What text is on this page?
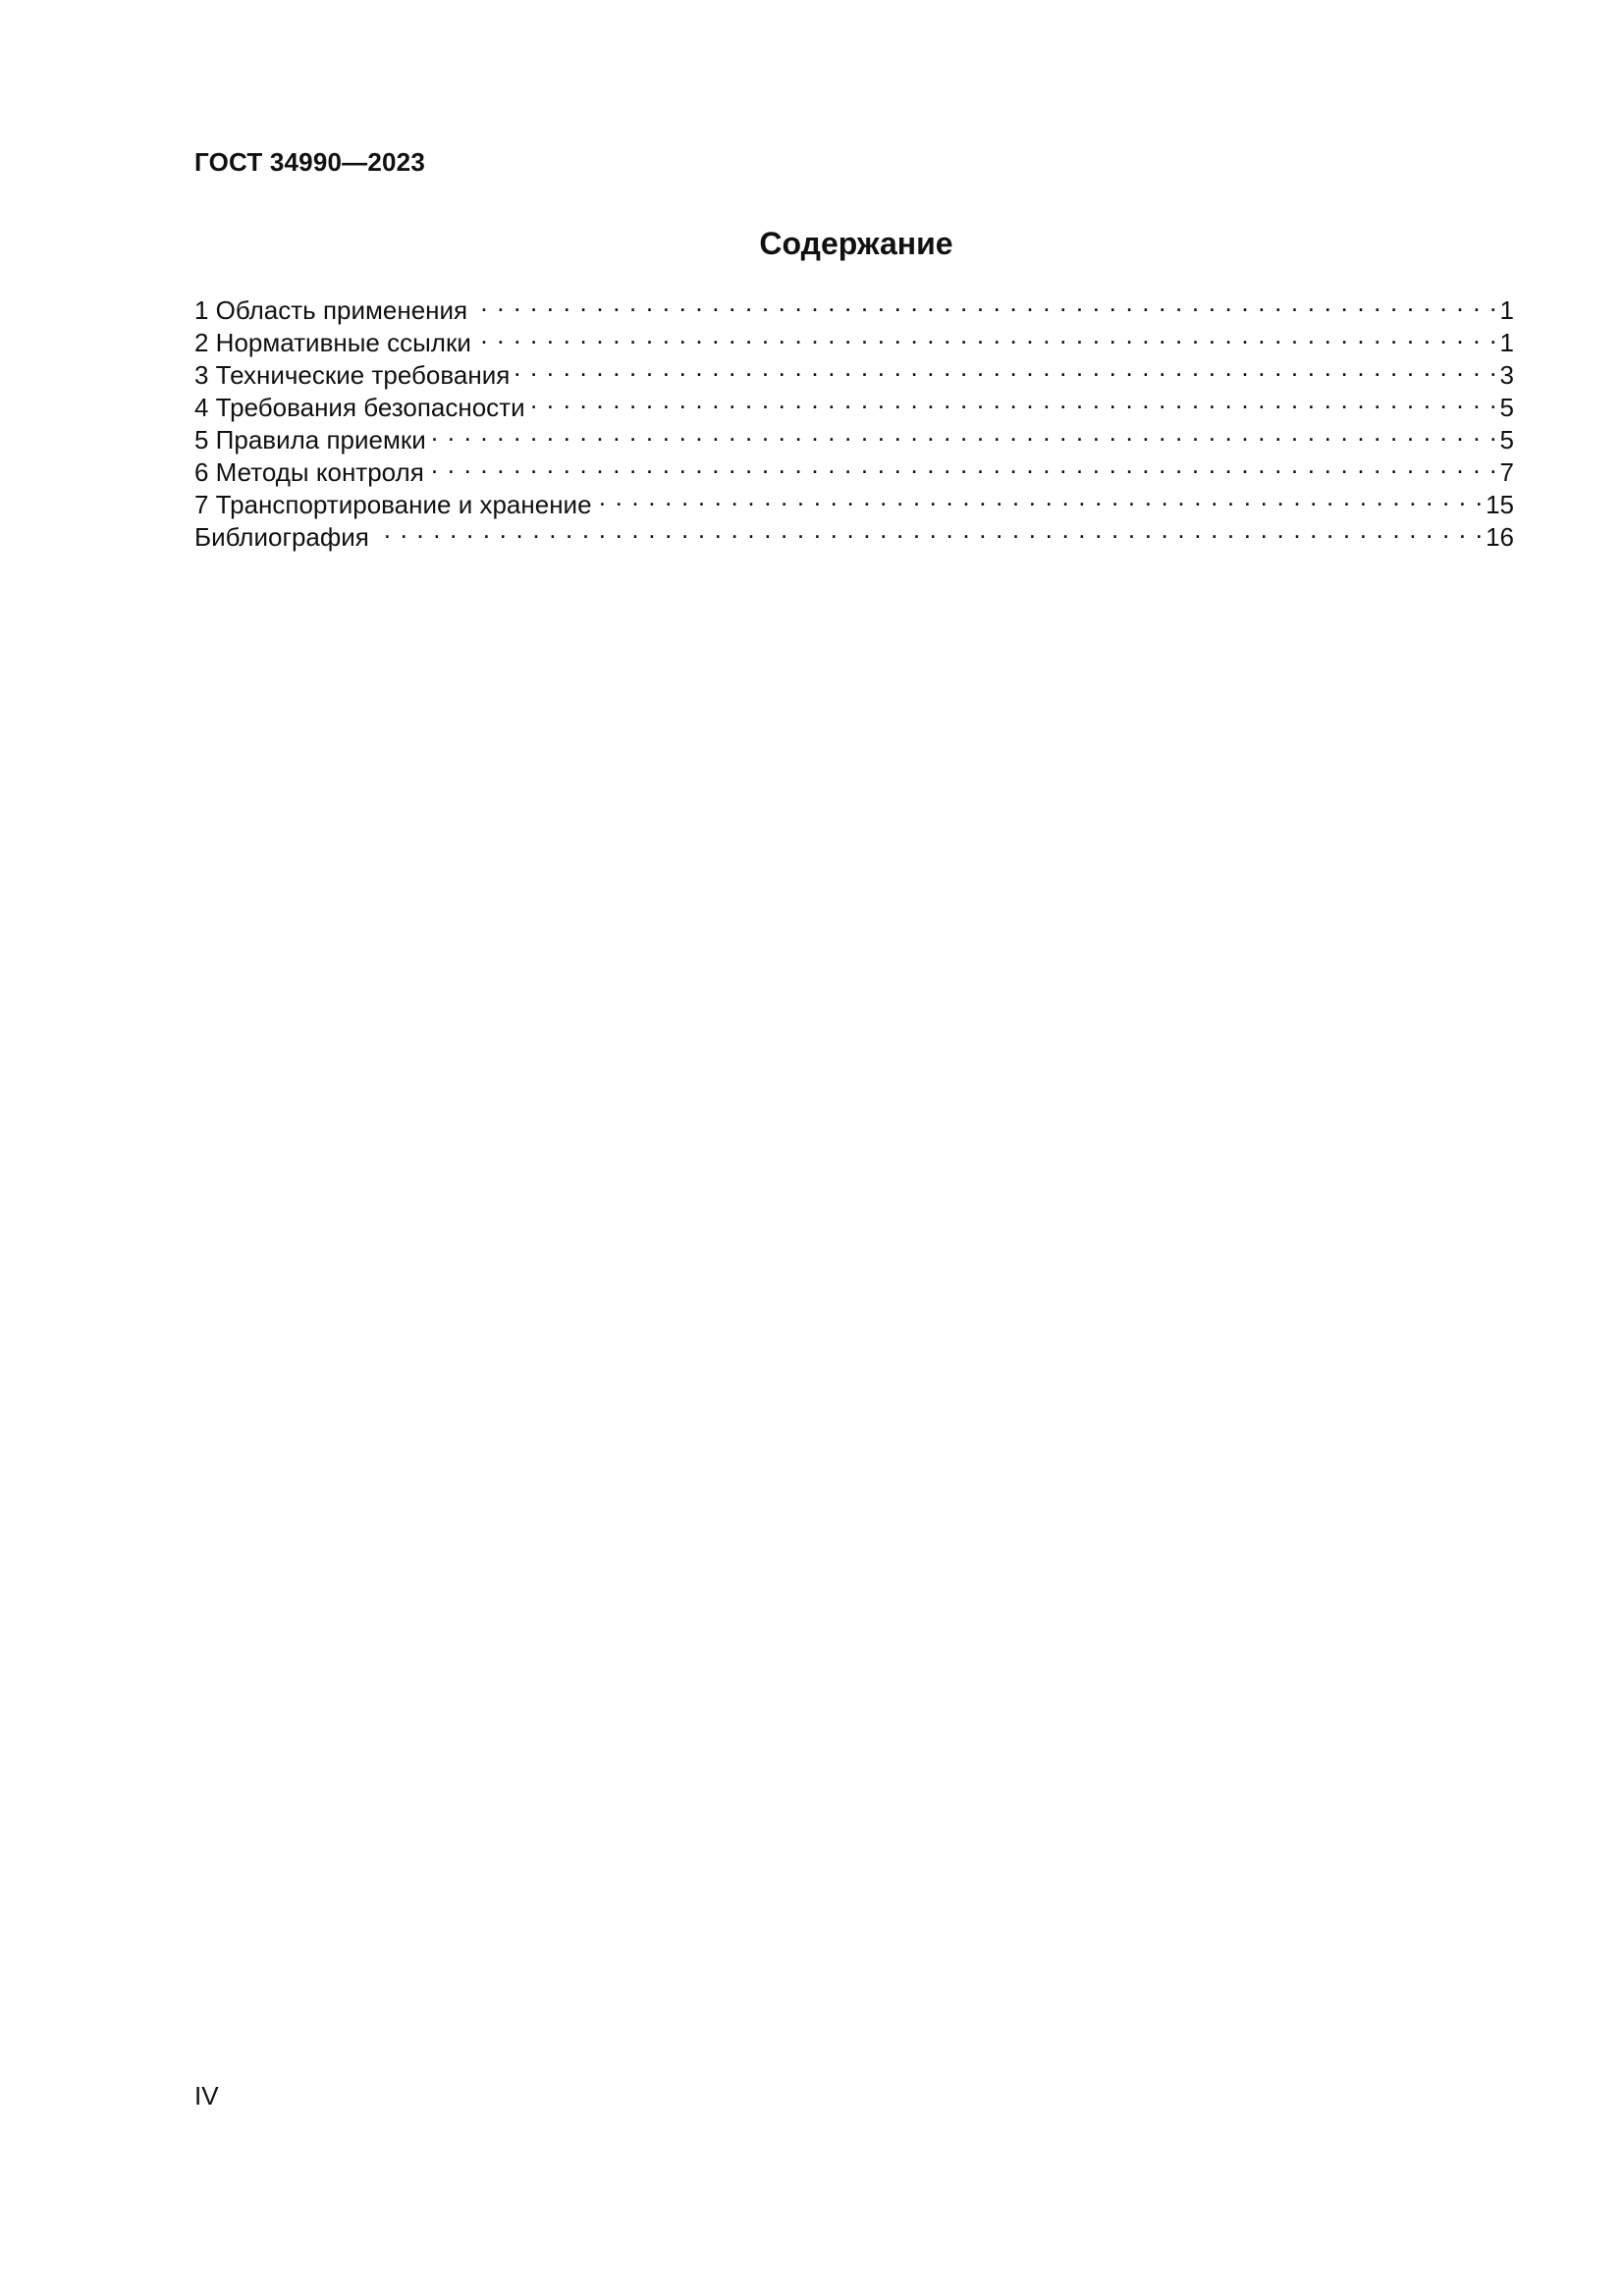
ГОСТ 34990—2023
Содержание
1 Область применения . . .	1
2 Нормативные ссылки . . .	1
3 Технические требования . . .	3
4 Требования безопасности . . .	5
5 Правила приемки . . .	5
6 Методы контроля . . .	7
7 Транспортирование и хранение . . .	15
Библиография . . .	16
IV
